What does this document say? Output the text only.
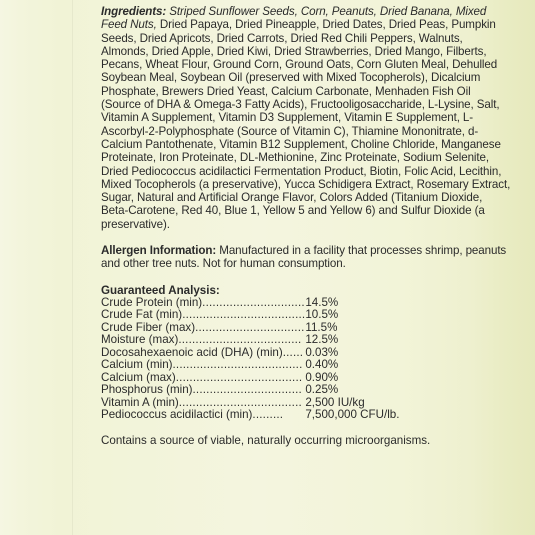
Ingredients: Striped Sunflower Seeds, Corn, Peanuts, Dried Banana, Mixed Feed Nuts, Dried Papaya, Dried Pineapple, Dried Dates, Dried Peas, Pumpkin Seeds, Dried Apricots, Dried Carrots, Dried Red Chili Peppers, Walnuts, Almonds, Dried Apple, Dried Kiwi, Dried Strawberries, Dried Mango, Filberts, Pecans, Wheat Flour, Ground Corn, Ground Oats, Corn Gluten Meal, Dehulled Soybean Meal, Soybean Oil (preserved with Mixed Tocopherols), Dicalcium Phosphate, Brewers Dried Yeast, Calcium Carbonate, Menhaden Fish Oil (Source of DHA & Omega-3 Fatty Acids), Fructooligosaccharide, L-Lysine, Salt, Vitamin A Supplement, Vitamin D3 Supplement, Vitamin E Supplement, L-Ascorbyl-2-Polyphosphate (Source of Vitamin C), Thiamine Mononitrate, d-Calcium Pantothenate, Vitamin B12 Supplement, Choline Chloride, Manganese Proteinate, Iron Proteinate, DL-Methionine, Zinc Proteinate, Sodium Selenite, Dried Pediococcus acidilactici Fermentation Product, Biotin, Folic Acid, Lecithin, Mixed Tocopherols (a preservative), Yucca Schidigera Extract, Rosemary Extract, Sugar, Natural and Artificial Orange Flavor, Colors Added (Titanium Dioxide, Beta-Carotene, Red 40, Blue 1, Yellow 5 and Yellow 6) and Sulfur Dioxide (a preservative).

Allergen Information: Manufactured in a facility that processes shrimp, peanuts and other tree nuts. Not for human consumption.

Guaranteed Analysis:
Crude Protein (min)..............................	14.5%
Crude Fat (min)....................................	10.5%
Crude Fiber (max)................................	11.5%
Moisture (max)....................................	12.5%
Docosahexaenoic acid (DHA) (min)......	0.03%
Calcium (min)......................................	0.40%
Calcium (max).....................................	0.90%
Phosphorus (min)................................	0.25%
Vitamin A (min)....................................	2,500 IU/kg
Pediococcus acidilactici (min).........	7,500,000 CFU/lb.

Contains a source of viable, naturally occurring microorganisms.
